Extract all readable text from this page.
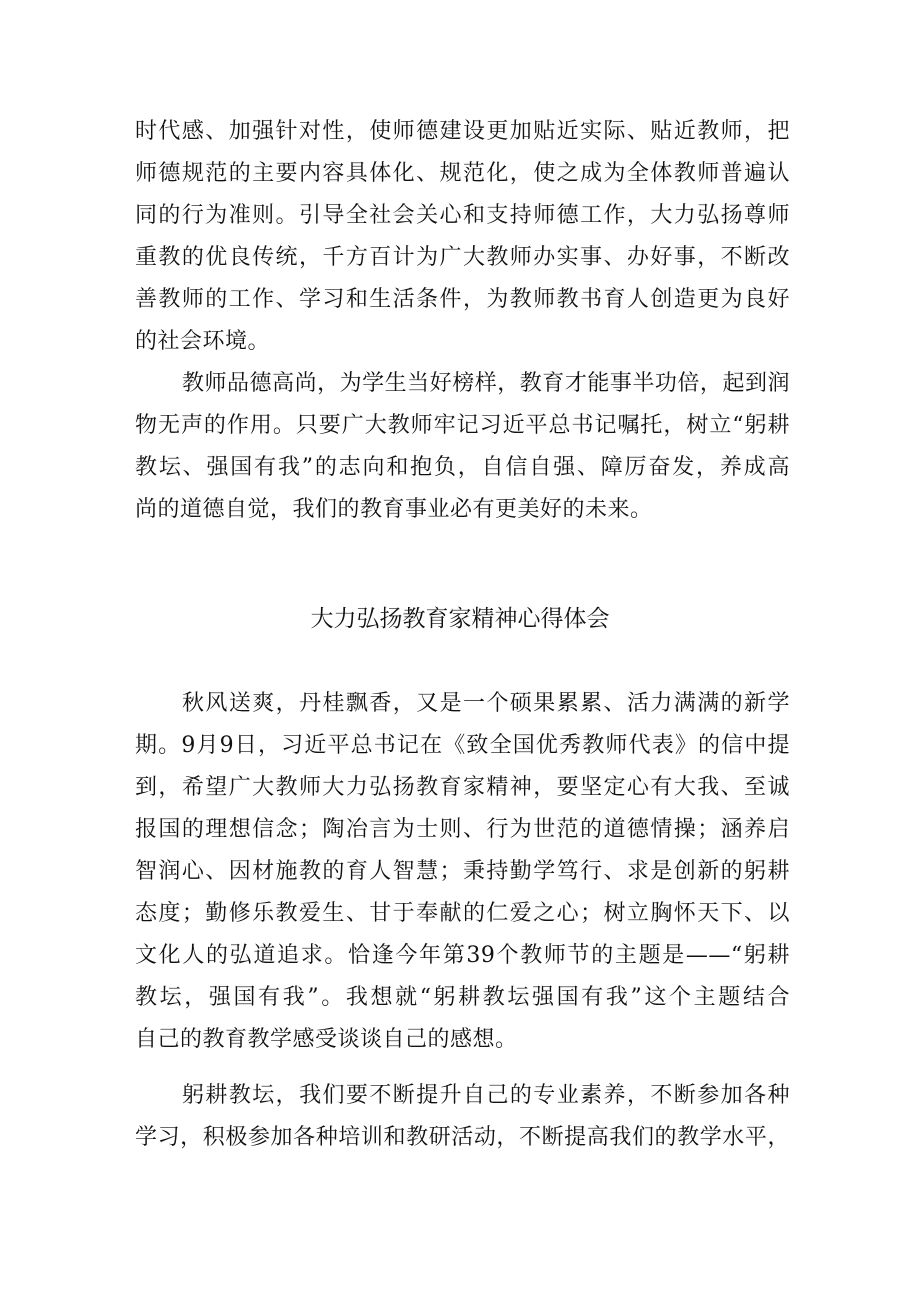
时代感、加强针对性，使师德建设更加贴近实际、贴近教师，把
师德规范的主要内容具体化、规范化，使之成为全体教师普遍认
同的行为准则。引导全社会关心和支持师德工作，大力弘扬尊师
重教的优良传统，千方百计为广大教师办实事、办好事，不断改
善教师的工作、学习和生活条件，为教师教书育人创造更为良好
的社会环境。
教师品德高尚，为学生当好榜样，教育才能事半功倍，起到润
物无声的作用。只要广大教师牢记习近平总书记嘱托，树立“躬耕
教坛、强国有我”的志向和抱负，自信自强、障厉奋发，养成高
尚的道德自觉，我们的教育事业必有更美好的未来。
大力弘扬教育家精神心得体会
秋风送爽，丹桂飘香，又是一个硕果累累、活力满满的新学
期。9月9日，习近平总书记在《致全国优秀教师代表》的信中提
到，希望广大教师大力弘扬教育家精神，要坚定心有大我、至诚
报国的理想信念；陶冶言为士则、行为世范的道德情操；涵养启
智润心、因材施教的育人智慧；秉持勤学笃行、求是创新的躬耕
态度；勤修乐教爱生、甘于奉献的仁爱之心；树立胸怀天下、以
文化人的弘道追求。恰逢今年第39个教师节的主题是——“躬耕
教坛，强国有我”。我想就“躬耕教坛强国有我”这个主题结合
自己的教育教学感受谈谈自己的感想。
躬耕教坛，我们要不断提升自己的专业素养，不断参加各种
学习，积极参加各种培训和教研活动，不断提高我们的教学水平，
